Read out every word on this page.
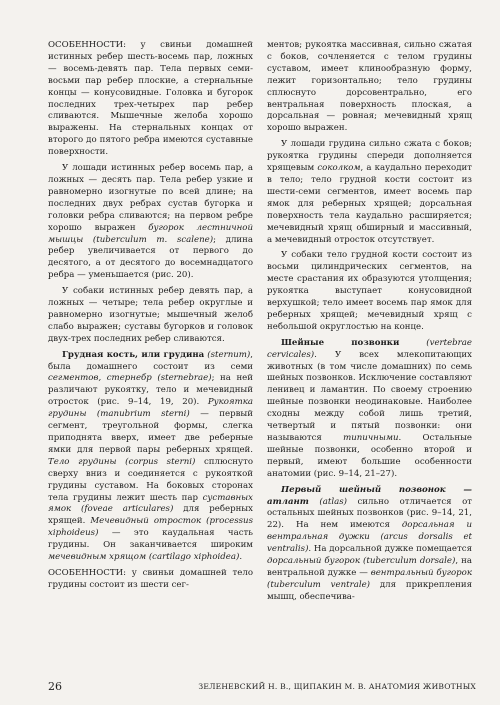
ОСОБЕННОСТИ: у свиньи домашней истинных ребер шесть-восемь пар, ложных — восемь-девять пар. Тела первых семи-восьми пар ребер плоские, а стернальные концы — конусовидные. Головка и бугорок последних трех-четырех пар ребер сливаются. Мышечные желоба хорошо выражены. На стернальных концах от второго до пятого ребра имеются суставные поверхности.

У лошади истинных ребер восемь пар, а ложных — десять пар. Тела ребер узкие и равномерно изогнутые по всей длине; на последних двух ребрах сустав бугорка и головки ребра сливаются; на первом ребре хорошо выражен бугорок лестничной мышцы (tuberculum m. scalene); длина ребер увеличивается от первого до десятого, а от десятого до восемнадцатого ребра — уменьшается (рис. 20).

У собаки истинных ребер девять пар, а ложных — четыре; тела ребер округлые и равномерно изогнутые; мышечный желоб слабо выражен; суставы бугорков и головок двух-трех последних ребер сливаются.

Грудная кость, или грудина (sternum), была домашнего состоит из семи сегментов, стернебр (sternebrae); на ней различают рукоятку, тело и мечевидный отросток (рис. 9–14, 19, 20). Рукоятка грудины (manubrium sterni) — первый сегмент, треугольной формы, слегка приподнята вверх, имеет две реберные ямки для первой пары реберных хрящей. Тело грудины (corpus sterni) сплюснуто сверху вниз и соединяется с рукояткой грудины суставом. На боковых стоpонах тела грудины лежит шесть пар суставных ямок (foveae articulares) для реберных хрящей. Мечевидный отросток (processus xiphoideus) — это каудальная часть грудины. Он заканчивается широким мечевидным хрящом (cartilago xiphoidea).

ОСОБЕННОСТИ: у свиньи домашней тело грудины состоит из шести сег-

ментов; рукоятка массивная, сильно сжатая с боков, сочленяется с телом грудины суставом, имеет клинообразную форму, лежит горизонтально; тело грудины сплюснуто дорсовентрально, его вентральная поверхность плоская, а дорсальная — ровная; мечевидный хрящ хорошо выражен.

У лошади грудина сильно сжата с боков; рукоятка грудины спереди дополняется хрящевым соколком, а каудально переходит в тело; тело грудной кости состоит из шести-семи сегментов, имеет восемь пар ямок для реберных хрящей; дорсальная поверхность тела каудально расширяется; мечевидный хрящ обширный и массивный, а мечевидный отросток отсутствует.

У собаки тело грудной кости состоит из восьми цилиндрических сегментов, на месте срастания их образуются утолщения; рукоятка выступает конусовидной верхушкой; тело имеет восемь пар ямок для реберных хрящей; мечевидный хрящ с небольшой округлостью на конце.

Шейные позвонки (vertebrae cervicales). У всех млекопитающих животных (в том числе домашних) по семь шейных позвонков. Исключение составляют ленивец и ламантин. По своему строению шейные позвонки неодинаковые. Наиболее сходны между собой лишь третий, четвертый и пятый позвонки: они называются типичными. Остальные шейные позвонки, особенно второй и первый, имеют большие особенности анатомии (рис. 9–14, 21–27).

Первый шейный позвонок — атлант (atlas) сильно отличается от остальных шейных позвонков (рис. 9–14, 21, 22). На нем имеются дорсальная и вентральная дужки (arcus dorsalis et ventralis). На дорсальной дужке помещается дорсальный бугорок (tuberculum dorsale), на вентральной дужке — вентральный бугорок (tuberculum ventrale) для прикрепления мышц, обеспечива-

26	ЗЕЛЕНЕВСКИЙ Н. В., ЩИПАКИН М. В. АНАТОМИЯ ЖИВОТНЫХ
